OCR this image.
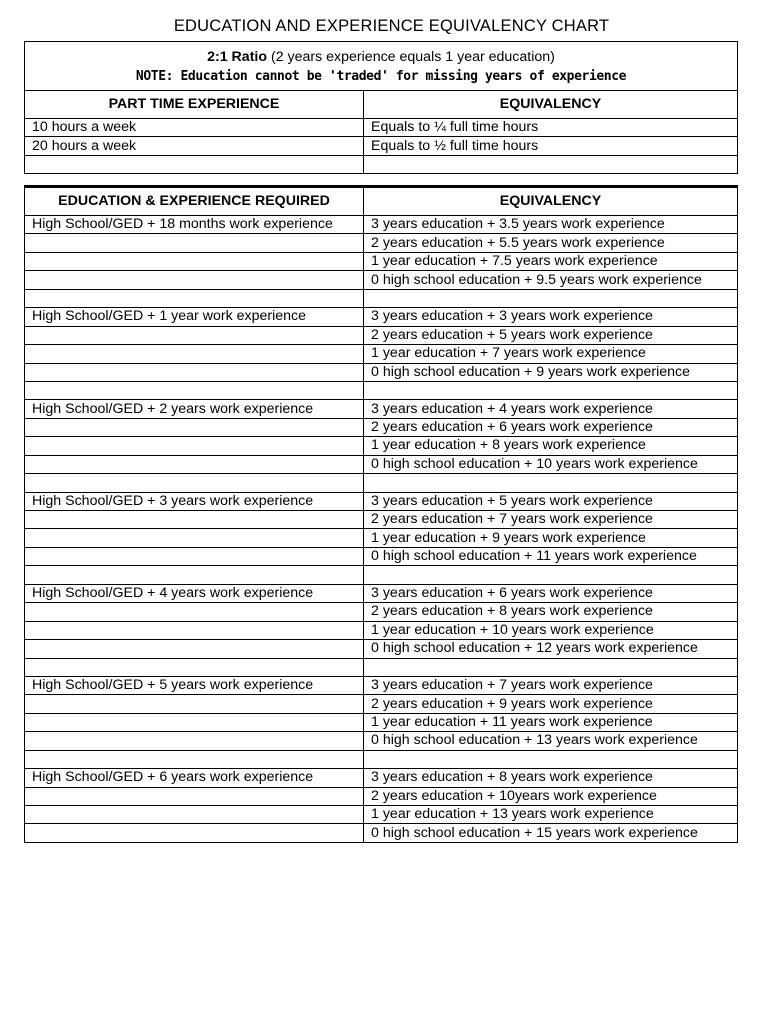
EDUCATION AND EXPERIENCE EQUIVALENCY CHART
2:1 Ratio (2 years experience equals 1 year education)
NOTE: Education cannot be 'traded' for missing years of experience	

PART TIME EXPERIENCE	EQUIVALENCY
10 hours a week	Equals to ¼ full time hours
20 hours a week	Equals to ½ full time hours

EDUCATION & EXPERIENCE REQUIRED	EQUIVALENCY
High School/GED + 18 months work experience	3 years education + 3.5 years work experience
	2 years education + 5.5 years work experience
	1 year education + 7.5 years work experience
	0 high school education + 9.5 years work experience

High School/GED + 1 year work experience	3 years education + 3 years work experience
	2 years education + 5 years work experience
	1 year education + 7 years work experience
	0 high school education + 9 years work experience

High School/GED + 2 years work experience	3 years education + 4 years work experience
	2 years education + 6 years work experience
	1 year education + 8 years work experience
	0 high school education + 10 years work experience

High School/GED + 3 years work experience	3 years education + 5 years work experience
	2 years education + 7 years work experience
	1 year education + 9 years work experience
	0 high school education + 11 years work experience

High School/GED + 4 years work experience	3 years education + 6 years work experience
	2 years education + 8 years work experience
	1 year education + 10 years work experience
	0 high school education + 12 years work experience

High School/GED + 5 years work experience	3 years education + 7 years work experience
	2 years education + 9 years work experience
	1 year education + 11 years work experience
	0 high school education + 13 years work experience

High School/GED + 6 years work experience	3 years education + 8 years work experience
	2 years education + 10years work experience
	1 year education + 13 years work experience
	0 high school education + 15 years work experience
